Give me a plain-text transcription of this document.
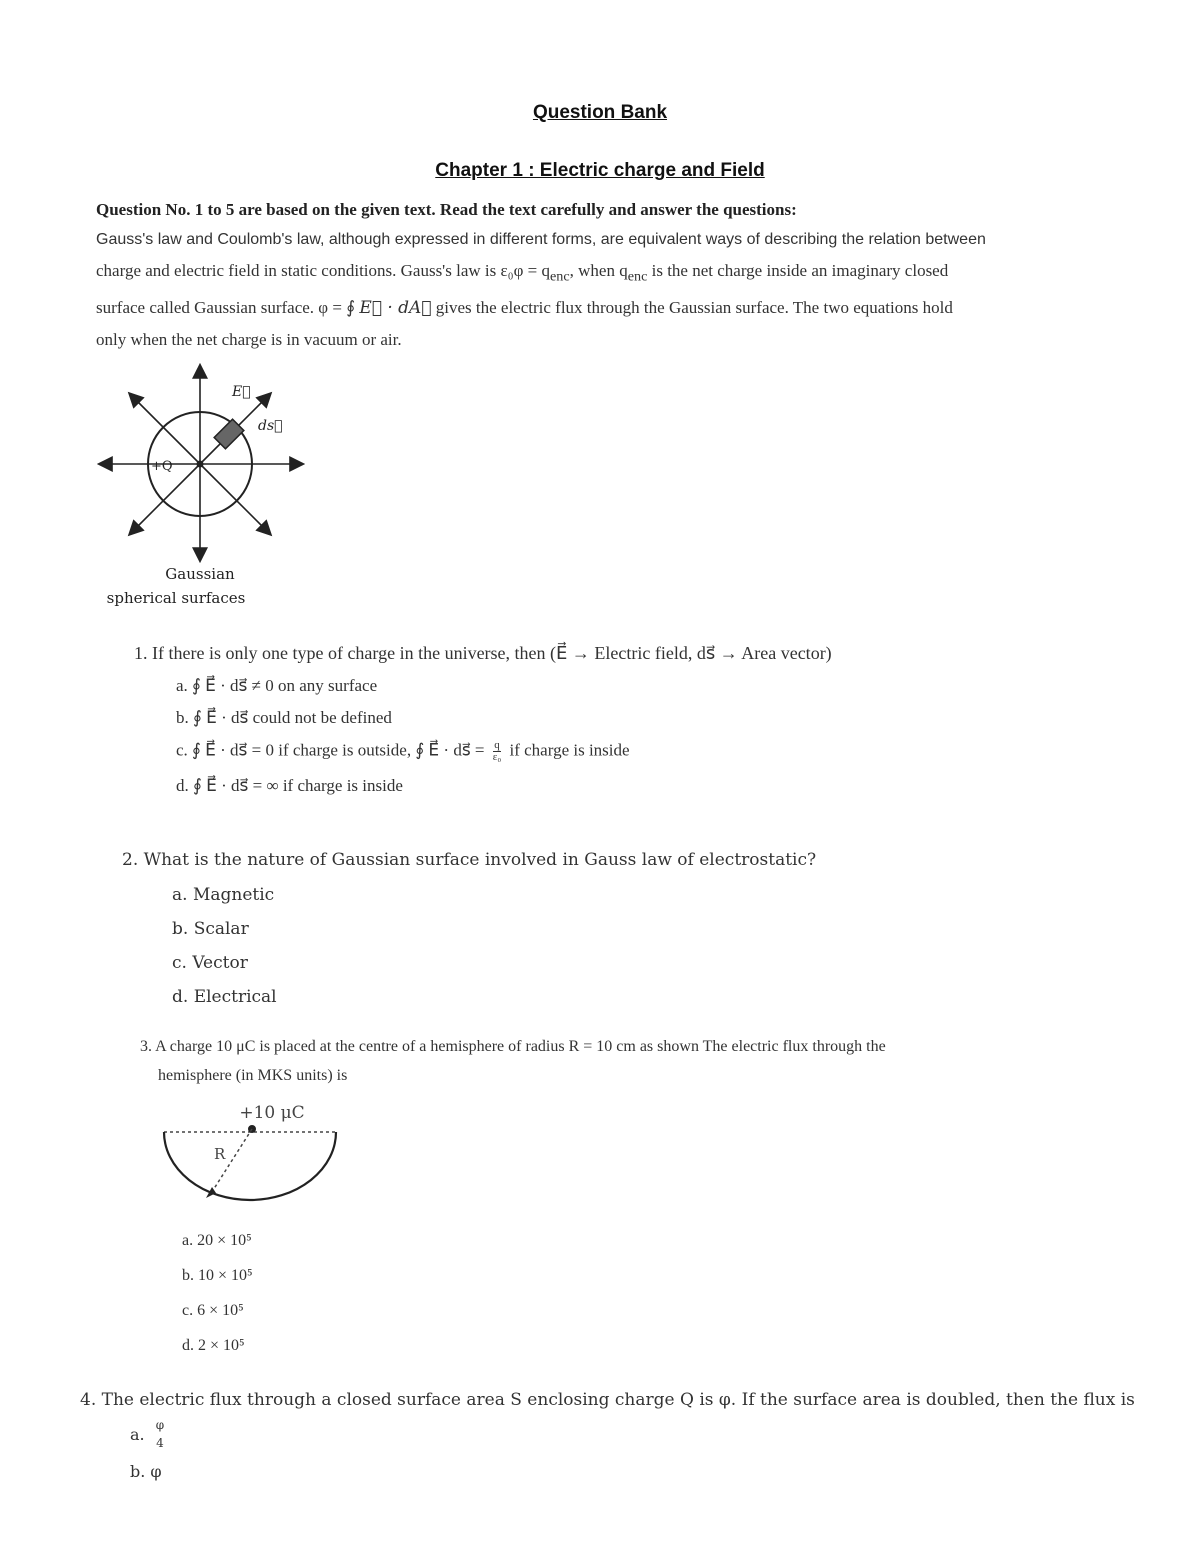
Question Bank
Chapter 1 : Electric charge and Field
Question No. 1 to 5 are based on the given text. Read the text carefully and answer the questions:
Gauss's law and Coulomb's law, although expressed in different forms, are equivalent ways of describing the relation between
charge and electric field in static conditions. Gauss's law is $\varepsilon_0\varphi = q_{enc}$, when $q_{enc}$ is the net charge inside an imaginary closed
surface called Gaussian surface. φ = ∮ E⃗ · dA⃗ gives the electric flux through the Gaussian surface. The two equations hold
only when the net charge is in vacuum or air.
+Q
E⃗
ds⃗
Gaussian
spherical surfaces
1. If there is only one type of charge in the universe, then (E⃗ → Electric field, ds⃗ → Area vector)
a. ∮ E⃗ · ds⃗ ≠ 0 on any surface
b. ∮ E⃗ · ds⃗ could not be defined
c. ∮ E⃗ · ds⃗ = 0 if charge is outside, ∮ E⃗ · ds⃗ = $\frac{q}{\text{ε₀}}$ if charge is inside
d. ∮ E⃗ · ds⃗ = ∞ if charge is inside
2. What is the nature of Gaussian surface involved in Gauss law of electrostatic?
a. Magnetic
b. Scalar
c. Vector
d. Electrical
3. A charge 10 μC is placed at the centre of a hemisphere of radius R = 10 cm as shown The electric flux through the
hemisphere (in MKS units) is
+10 μC
R
a. 20 × 10⁵
b. 10 × 10⁵
c. 6 × 10⁵
d. 2 × 10⁵
4. The electric flux through a closed surface area S enclosing charge Q is φ. If the surface area is doubled, then the flux is
a. φ
4
b. φ
